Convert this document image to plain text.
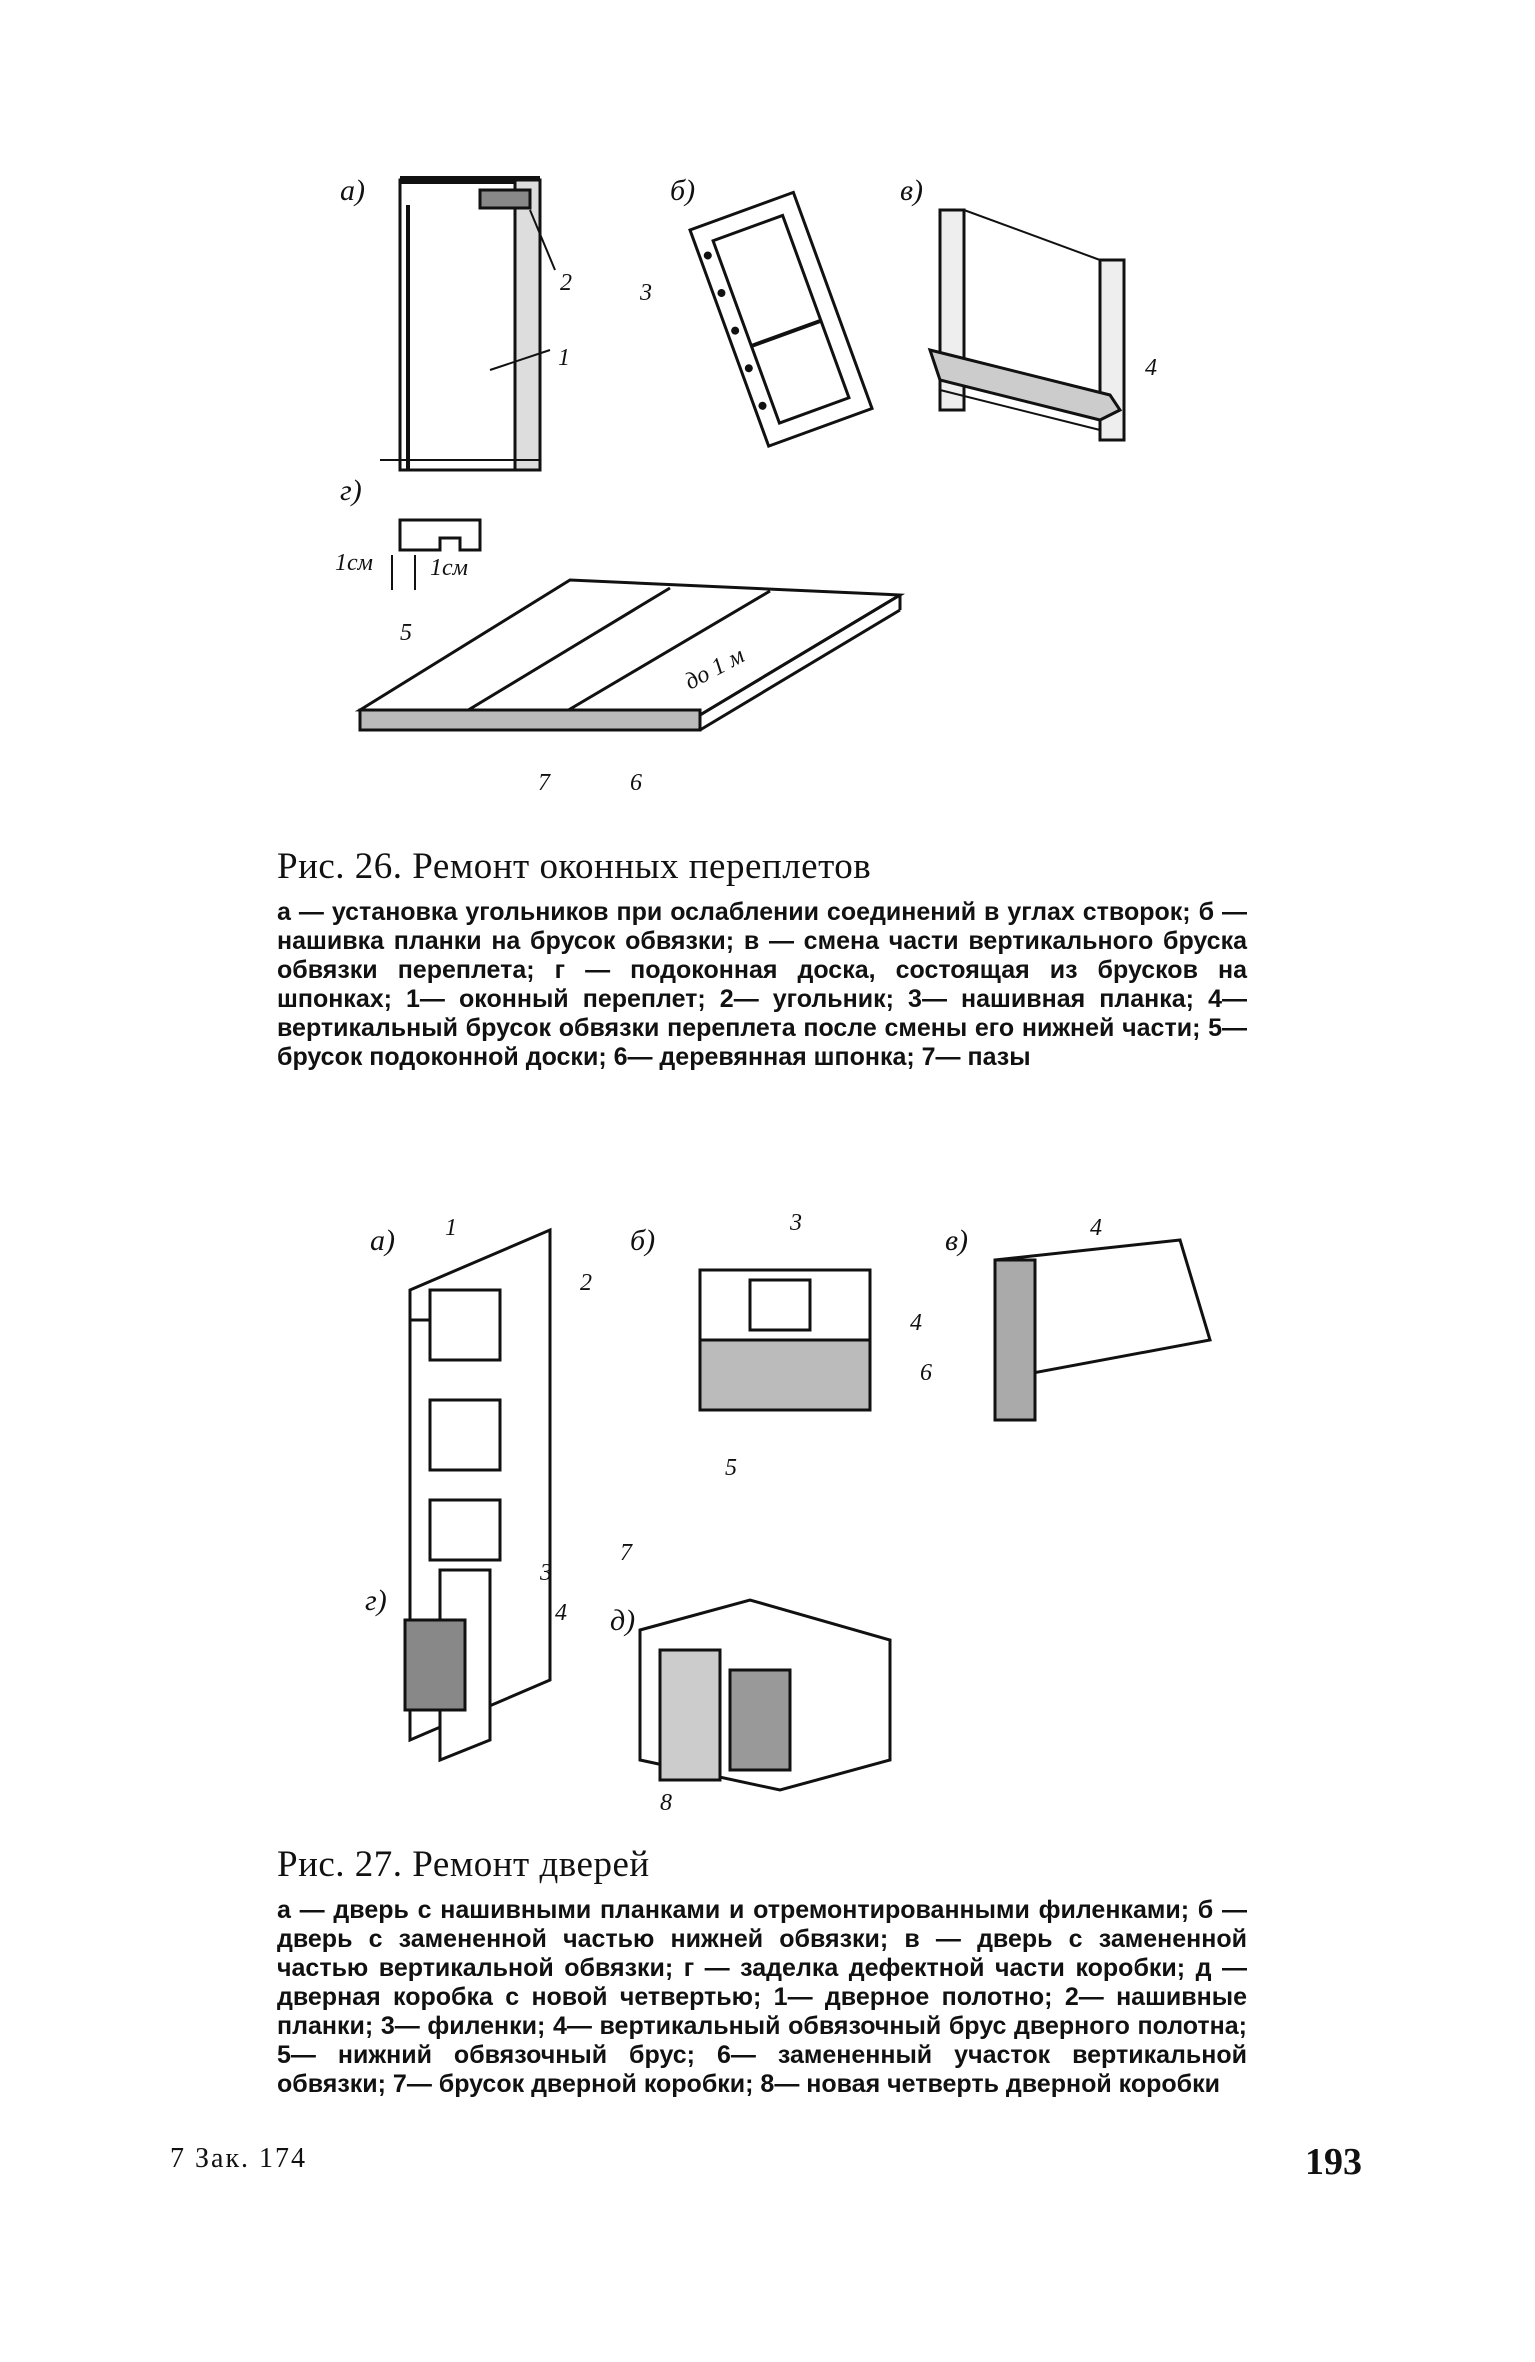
а)	б)	в)
г)
1
2	3
4
5
6
7
1см 1см
до 1 м
Рис. 26. Ремонт оконных переплетов
а — установка угольников при ослаблении соединений в углах створок; б — нашивка планки на брусок обвязки; в — смена части вертикального бруска обвязки переплета; г — подоконная доска, состоящая из брусков на шпонках; 1— оконный переплет; 2— угольник; 3— нашивная планка; 4— вертикальный брусок обвязки переплета после смены его нижней части; 5— брусок подоконной доски; 6— деревянная шпонка; 7— пазы
а)	б)	в)
г)
д)
1
2
3
3
4
5
4
6
4
7
8
Рис. 27. Ремонт дверей
а — дверь с нашивными планками и отремонтированными филенками; б — дверь с замененной частью нижней обвязки; в — дверь с замененной частью вертикальной обвязки; г — заделка дефектной части коробки; д — дверная коробка с новой четвертью; 1— дверное полотно; 2— нашивные планки; 3— филенки; 4— вертикальный обвязочный брус дверного полотна; 5— нижний обвязочный брус; 6— замененный участок вертикальной обвязки; 7— брусок дверной коробки; 8— новая четверть дверной коробки
7 Зак. 174	193
